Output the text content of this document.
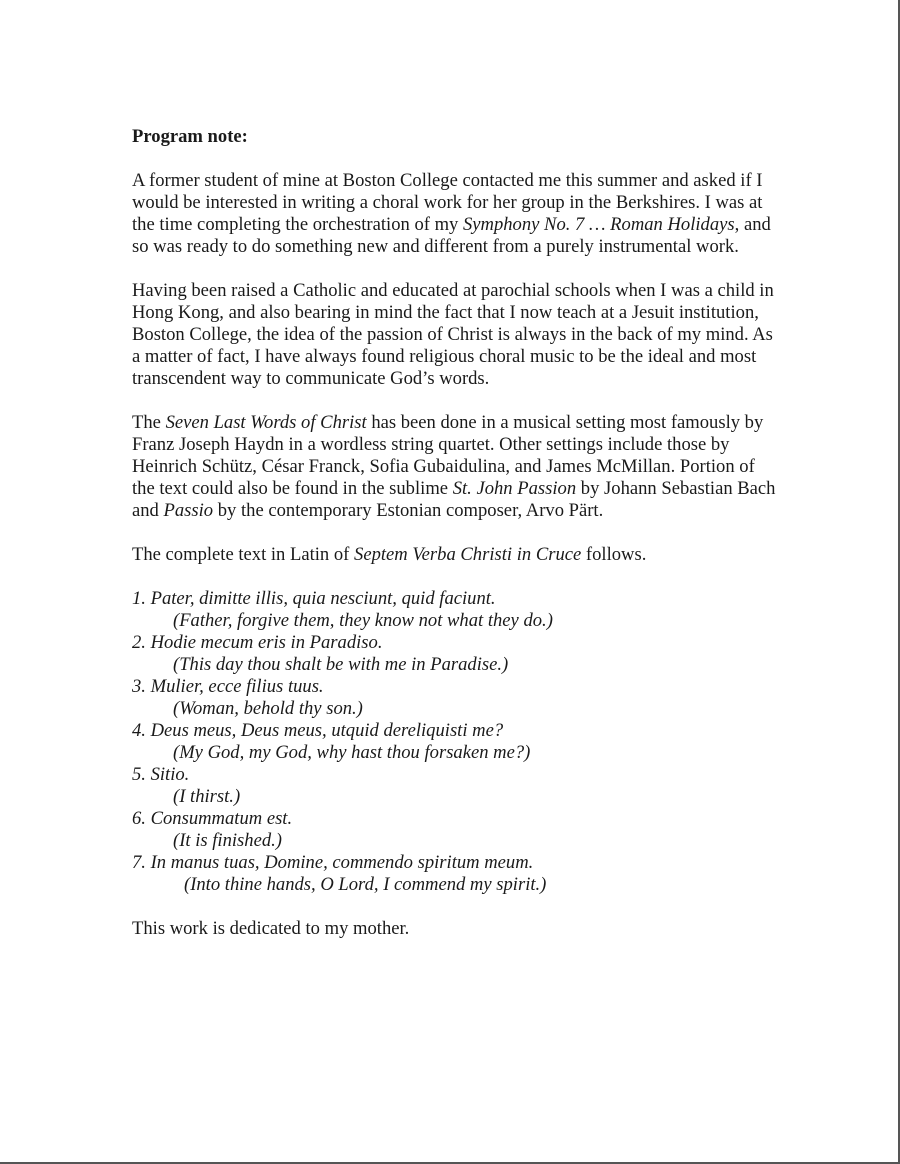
Program note:

A former student of mine at Boston College contacted me this summer and asked if I would be interested in writing a choral work for her group in the Berkshires. I was at the time completing the orchestration of my Symphony No. 7 … Roman Holidays, and so was ready to do something new and different from a purely instrumental work.

Having been raised a Catholic and educated at parochial schools when I was a child in Hong Kong, and also bearing in mind the fact that I now teach at a Jesuit institution, Boston College, the idea of the passion of Christ is always in the back of my mind. As a matter of fact, I have always found religious choral music to be the ideal and most transcendent way to communicate God’s words.

The Seven Last Words of Christ has been done in a musical setting most famously by Franz Joseph Haydn in a wordless string quartet. Other settings include those by Heinrich Schütz, César Franck, Sofia Gubaidulina, and James McMillan. Portion of the text could also be found in the sublime St. John Passion by Johann Sebastian Bach and Passio by the contemporary Estonian composer, Arvo Pärt.

The complete text in Latin of Septem Verba Christi in Cruce follows.

1. Pater, dimitte illis, quia nesciunt, quid faciunt.
(Father, forgive them, they know not what they do.)
2. Hodie mecum eris in Paradiso.
(This day thou shalt be with me in Paradise.)
3. Mulier, ecce filius tuus.
(Woman, behold thy son.)
4. Deus meus, Deus meus, utquid dereliquisti me?
(My God, my God, why hast thou forsaken me?)
5. Sitio.
(I thirst.)
6. Consummatum est.
(It is finished.)
7. In manus tuas, Domine, commendo spiritum meum.
(Into thine hands, O Lord, I commend my spirit.)

This work is dedicated to my mother.
